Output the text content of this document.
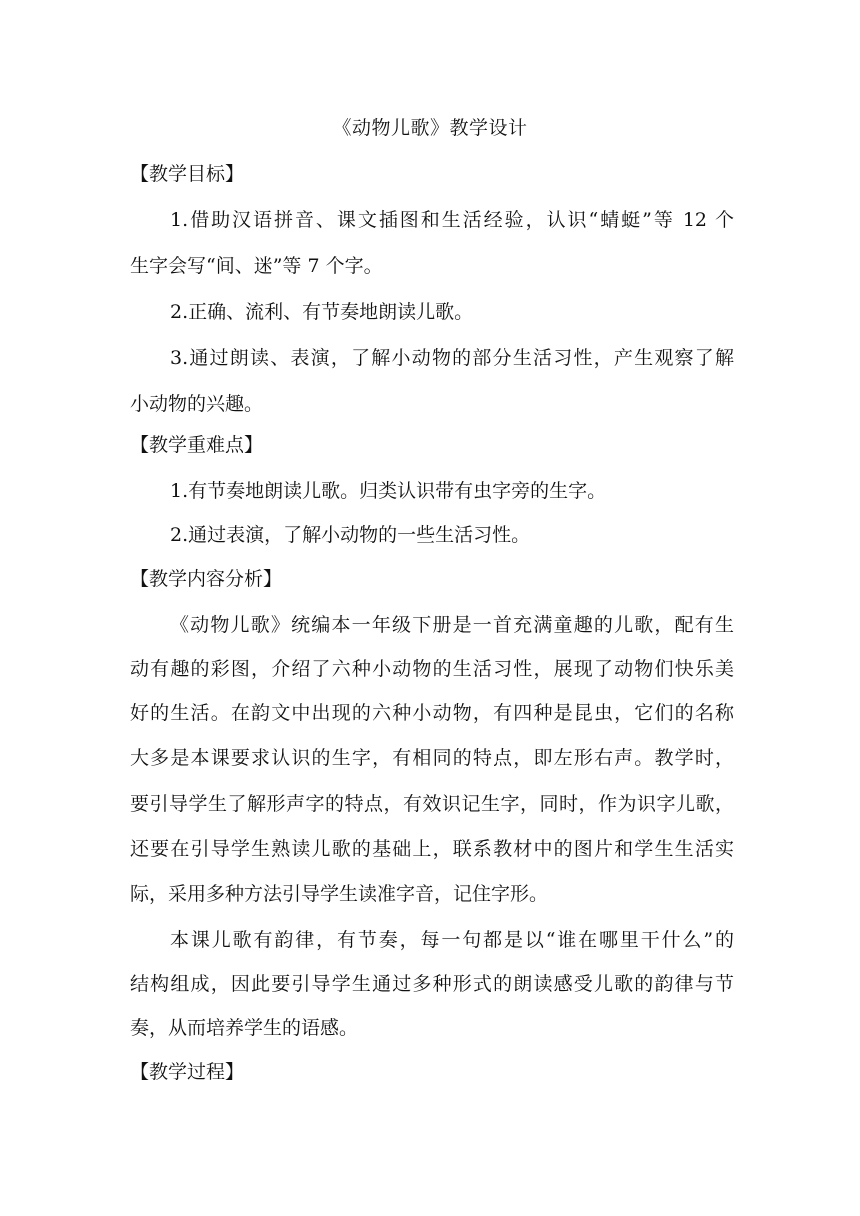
《动物儿歌》教学设计
【教学目标】
1.借助汉语拼音、课文插图和生活经验，认识“蜻蜓”等 12 个
生字会写“间、迷”等 7 个字。
2.正确、流利、有节奏地朗读儿歌。
3.通过朗读、表演，了解小动物的部分生活习性，产生观察了解
小动物的兴趣。
【教学重难点】
1.有节奏地朗读儿歌。归类认识带有虫字旁的生字。
2.通过表演，了解小动物的一些生活习性。
【教学内容分析】
《动物儿歌》统编本一年级下册是一首充满童趣的儿歌，配有生
动有趣的彩图，介绍了六种小动物的生活习性，展现了动物们快乐美
好的生活。在韵文中出现的六种小动物，有四种是昆虫，它们的名称
大多是本课要求认识的生字，有相同的特点，即左形右声。教学时，
要引导学生了解形声字的特点，有效识记生字，同时，作为识字儿歌，
还要在引导学生熟读儿歌的基础上，联系教材中的图片和学生生活实
际，采用多种方法引导学生读准字音，记住字形。
本课儿歌有韵律，有节奏，每一句都是以“谁在哪里干什么”的
结构组成，因此要引导学生通过多种形式的朗读感受儿歌的韵律与节
奏，从而培养学生的语感。
【教学过程】
